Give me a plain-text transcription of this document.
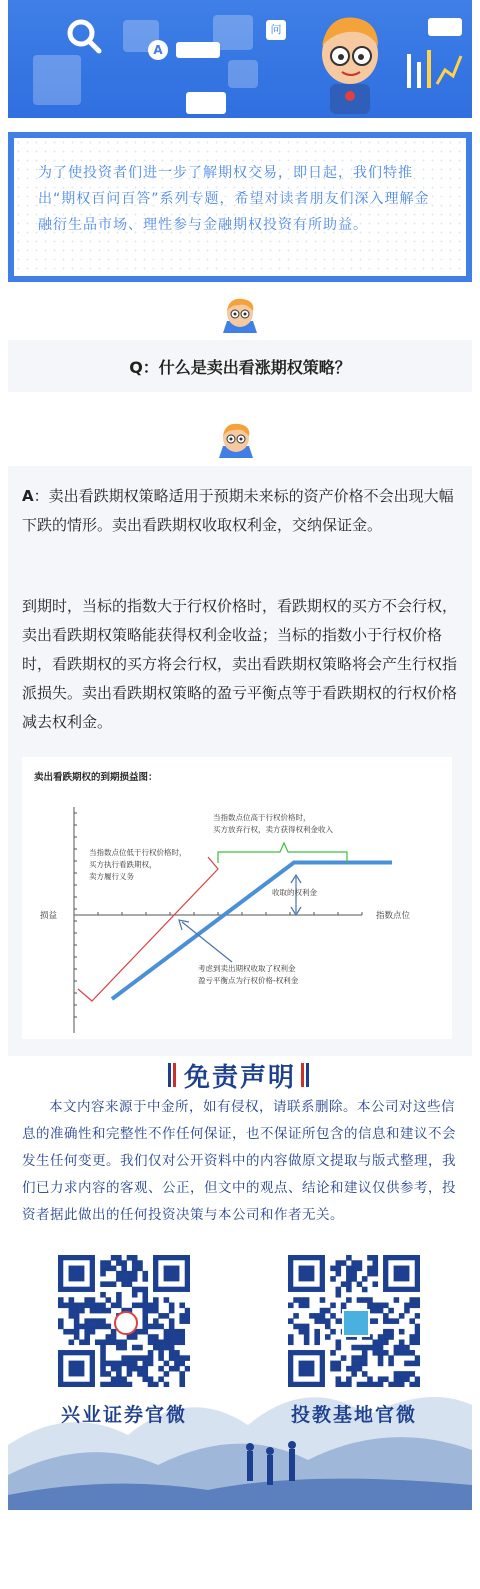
A
问
为了使投资者们进一步了解期权交易，即日起，我们特推出“期权百问百答”系列专题，希望对读者朋友们深入理解金融衍生品市场、理性参与金融期权投资有所助益。
Q：什么是卖出看涨期权策略？
A：卖出看跌期权策略适用于预期未来标的资产价格不会出现大幅下跌的情形。卖出看跌期权收取权利金，交纳保证金。
到期时，当标的指数大于行权价格时，看跌期权的买方不会行权，卖出看跌期权策略能获得权利金收益；当标的指数小于行权价格时，看跌期权的买方将会行权，卖出看跌期权策略将会产生行权指派损失。卖出看跌期权策略的盈亏平衡点等于看跌期权的行权价格减去权利金。
卖出看跌期权的到期损益图：
损益	指数点位
当指数点位高于行权价格时，
买方放弃行权，卖方获得权利金收入
当指数点位低于行权价格时，
买方执行看跌期权，
卖方履行义务
收取的权利金
考虑到卖出期权收取了权利金
盈亏平衡点为行权价格-权利金
免责声明
本文内容来源于中金所，如有侵权，请联系删除。本公司对这些信息的准确性和完整性不作任何保证，也不保证所包含的信息和建议不会发生任何变更。我们仅对公开资料中的内容做原文提取与版式整理，我们已力求内容的客观、公正，但文中的观点、结论和建议仅供参考，投资者据此做出的任何投资决策与本公司和作者无关。
兴业证券官微	投教基地官微
